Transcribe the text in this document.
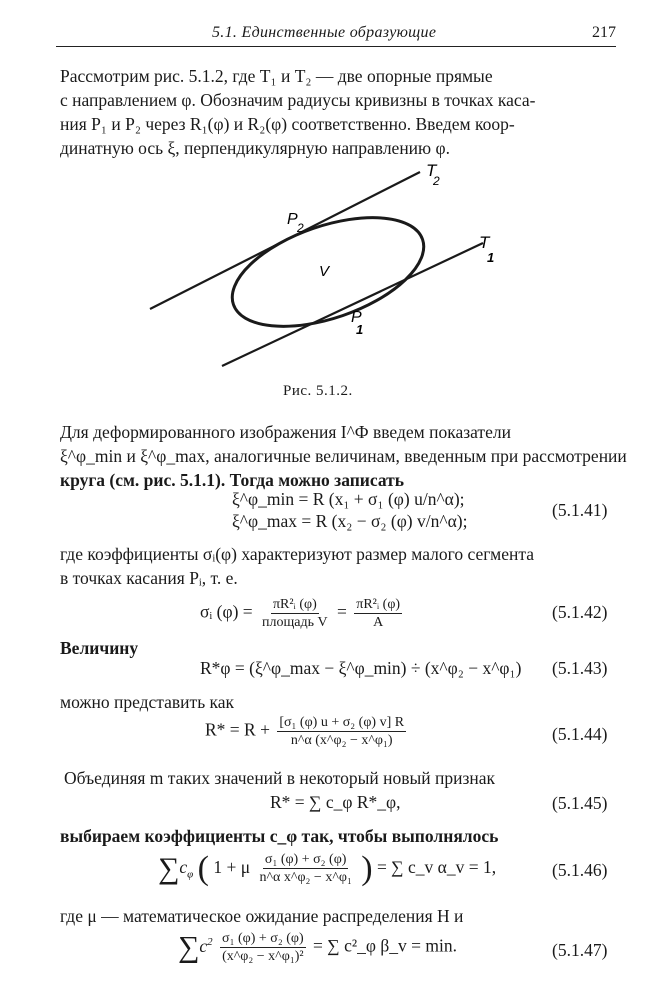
5.1. Единственные образующие	217
Рассмотрим рис. 5.1.2, где T₁ и T₂ — две опорные прямые
с направлением φ. Обозначим радиусы кривизны в точках каса-
ния P₁ и P₂ через R₁(φ) и R₂(φ) соответственно. Введем коор-
динатную ось ξ, перпендикулярную направлению φ.
T
2
T
1
P 2
P
1
V
Рис. 5.1.2.
Для деформированного изображения I^Ф введем показатели
ξ^φ_min и ξ^φ_max, аналогичные величинам, введенным при рассмотрении
круга (см. рис. 5.1.1). Тогда можно записать
ξ^φ_min = R (x₁ + σ₁ (φ) u/n^α);
ξ^φ_max = R (x₂ − σ₂ (φ) v/n^α);
(5.1.41)
где коэффициенты σᵢ(φ) характеризуют размер малого сегмента
в точках касания Pᵢ, т. е.
σᵢ $(\varphi) = \frac{\text{πR²ᵢ (φ)}}{\text{площадь V}} = \frac{\text{πR²ᵢ (φ)}}{A}$	(5.1.42)
Величину
R*φ = (ξ^φ_max − ξ^φ_min) ÷ (x^φ₂ − x^φ₁) (5.1.43)
можно представить как
$R* = R + \frac{\text{[σ₁ (φ) u + σ₂ (φ) v] R}}{\text{n\textasciicircum{}α (x\textasciicircum{}φ₂ − x\textasciicircum{}φ₁)}}$	(5.1.44)
Объединяя m таких значений в некоторый новый признак
R* = ∑ c_φ R*_φ,	(5.1.45)
выбираем коэффициенты c_φ так, чтобы выполнялось
$\sum c_\varphi$ ( 1 + μ $\frac{\text{σ₁ (φ) + σ₂ (φ)}}{\text{n\textasciicircum{}α x\textasciicircum{}φ₂ − x\textasciicircum{}φ₁}}$ ) = ∑ c_v α_v = 1,	(5.1.46)
где μ — математическое ожидание распределения H и
$\sum c^2 \frac{\text{σ₁ (φ) + σ₂ (φ)}}{\text{(x\textasciicircum{}φ₂ − x\textasciicircum{}φ₁)²}}$ = ∑ c²_φ β_v = min.	(5.1.47)
